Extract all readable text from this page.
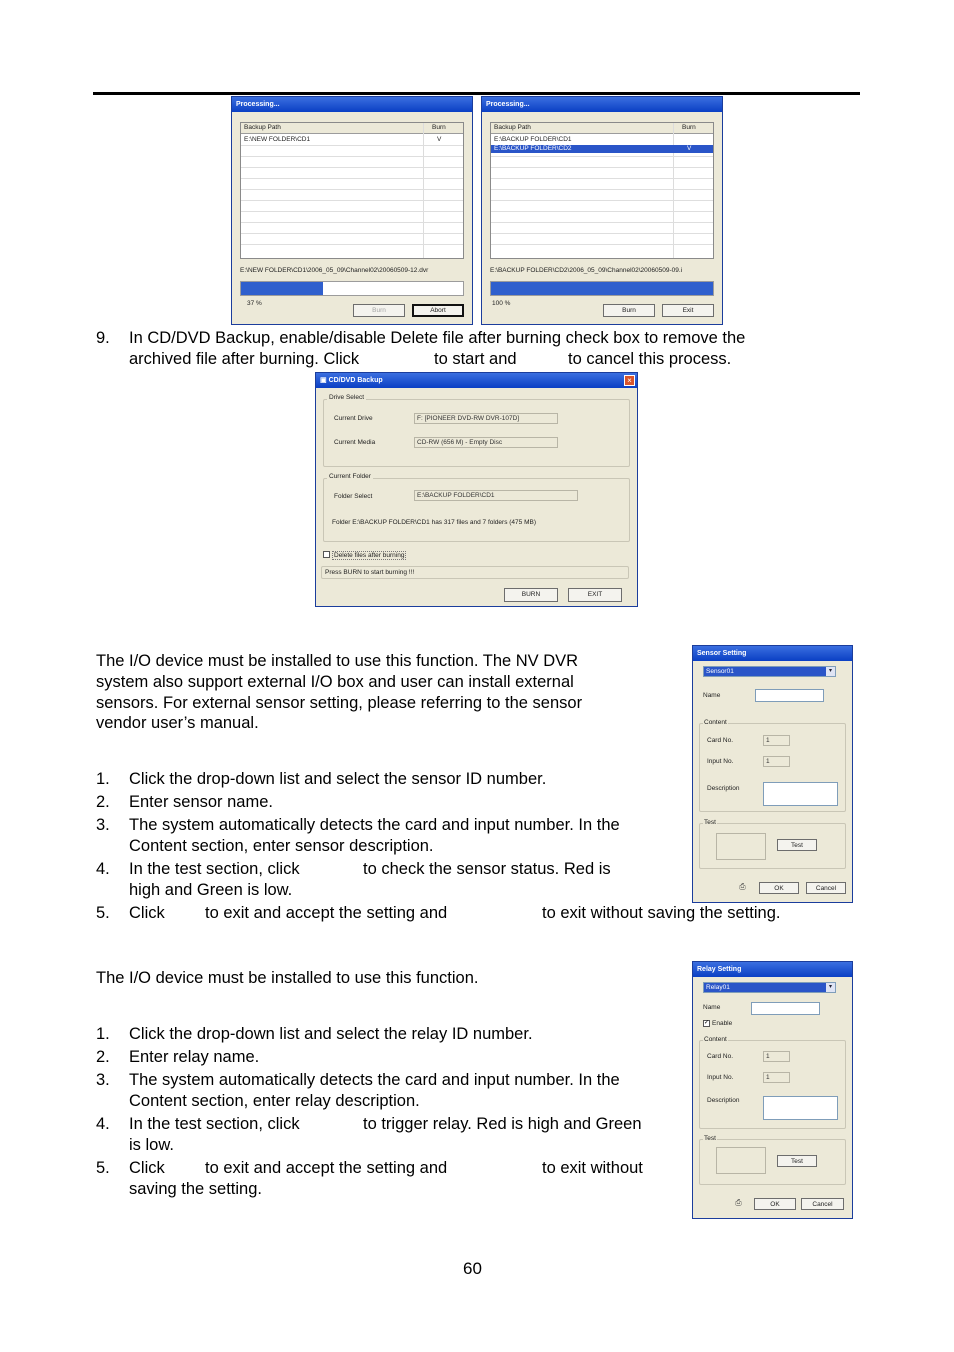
Processing...
Backup Path	Burn
E:\NEW FOLDER\CD1	V
E:\NEW FOLDER\CD1\2006_05_09\Channel02\20060509-12.dvr
37 %
Burn	Abort
Processing...
Backup Path	Burn
E:\BACKUP FOLDER\CD1
E:\BACKUP FOLDER\CD2	V
E:\BACKUP FOLDER\CD2\2006_05_09\Channel02\20060509-09.i
100 %
Burn	Exit
9. In CD/DVD Backup, enable/disable Delete file after burning check box to remove the
archived file after burning. Click	to start and	to cancel this process.
▣ CD/DVD Backup	×
Drive Select
Current Drive	F: [PIONEER DVD-RW DVR-107D]
Current Media	CD-RW (656 M) - Empty Disc
Current Folder
Folder Select	E:\BACKUP FOLDER\CD1
Folder E:\BACKUP FOLDER\CD1 has 317 files and 7 folders (475 MB)
Delete files after burning
Press BURN to start burning !!!
BURN	EXIT
The I/O device must be installed to use this function. The NV DVR
system also support external I/O box and user can install external
sensors. For external sensor setting, please referring to the sensor
vendor user’s manual.
1. Click the drop-down list and select the sensor ID number.
2. Enter sensor name.
3. The system automatically detects the card and input number. In the
Content section, enter sensor description.
4. In the test section, click	to check the sensor status. Red is
high and Green is low.
5. Click to exit and accept the setting and	to exit without saving the setting.
Sensor Setting
Sensor01	▾
Name
Content
Card No.	1
Input No.	1
Description
Test
Test
⎙	OK	Cancel
The I/O device must be installed to use this function.
1. Click the drop-down list and select the relay ID number.
2. Enter relay name.
3. The system automatically detects the card and input number. In the
Content section, enter relay description.
4. In the test section, click	to trigger relay. Red is high and Green
is low.
5. Click to exit and accept the setting and	to exit without
saving the setting.
Relay Setting
Relay01	▾
Name
✓ Enable
Content
Card No.	1
Input No.	1
Description
Test
Test
⎙	OK	Cancel
60
